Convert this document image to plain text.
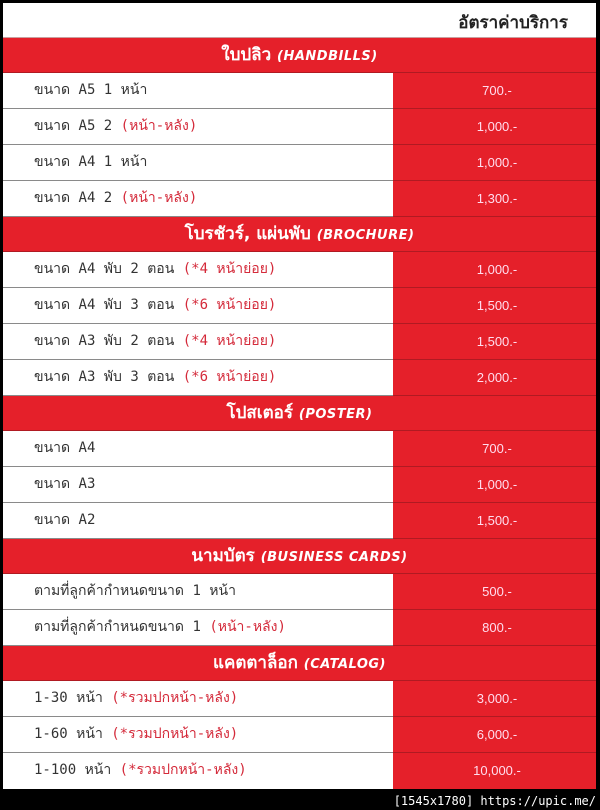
อัตราค่าบริการ
ใบปลิว (HANDBILLS)
ขนาด A5 1 หน้า	700.-
ขนาด A5 2 (หน้า-หลัง)	1,000.-
ขนาด A4 1 หน้า	1,000.-
ขนาด A4 2 (หน้า-หลัง)	1,300.-
โบรชัวร์, แผ่นพับ (BROCHURE)
ขนาด A4 พับ 2 ตอน (*4 หน้าย่อย)	1,000.-
ขนาด A4 พับ 3 ตอน (*6 หน้าย่อย)	1,500.-
ขนาด A3 พับ 2 ตอน (*4 หน้าย่อย)	1,500.-
ขนาด A3 พับ 3 ตอน (*6 หน้าย่อย)	2,000.-
โปสเตอร์ (POSTER)
ขนาด A4	700.-
ขนาด A3	1,000.-
ขนาด A2	1,500.-
นามบัตร (BUSINESS CARDS)
ตามที่ลูกค้ากำหนดขนาด 1 หน้า	500.-
ตามที่ลูกค้ากำหนดขนาด 1 (หน้า-หลัง)	800.-
แคตตาล็อก (CATALOG)
1-30 หน้า (*รวมปกหน้า-หลัง)	3,000.-
1-60 หน้า (*รวมปกหน้า-หลัง)	6,000.-
1-100 หน้า (*รวมปกหน้า-หลัง)	10,000.-
[1545x1780] https://upic.me/
